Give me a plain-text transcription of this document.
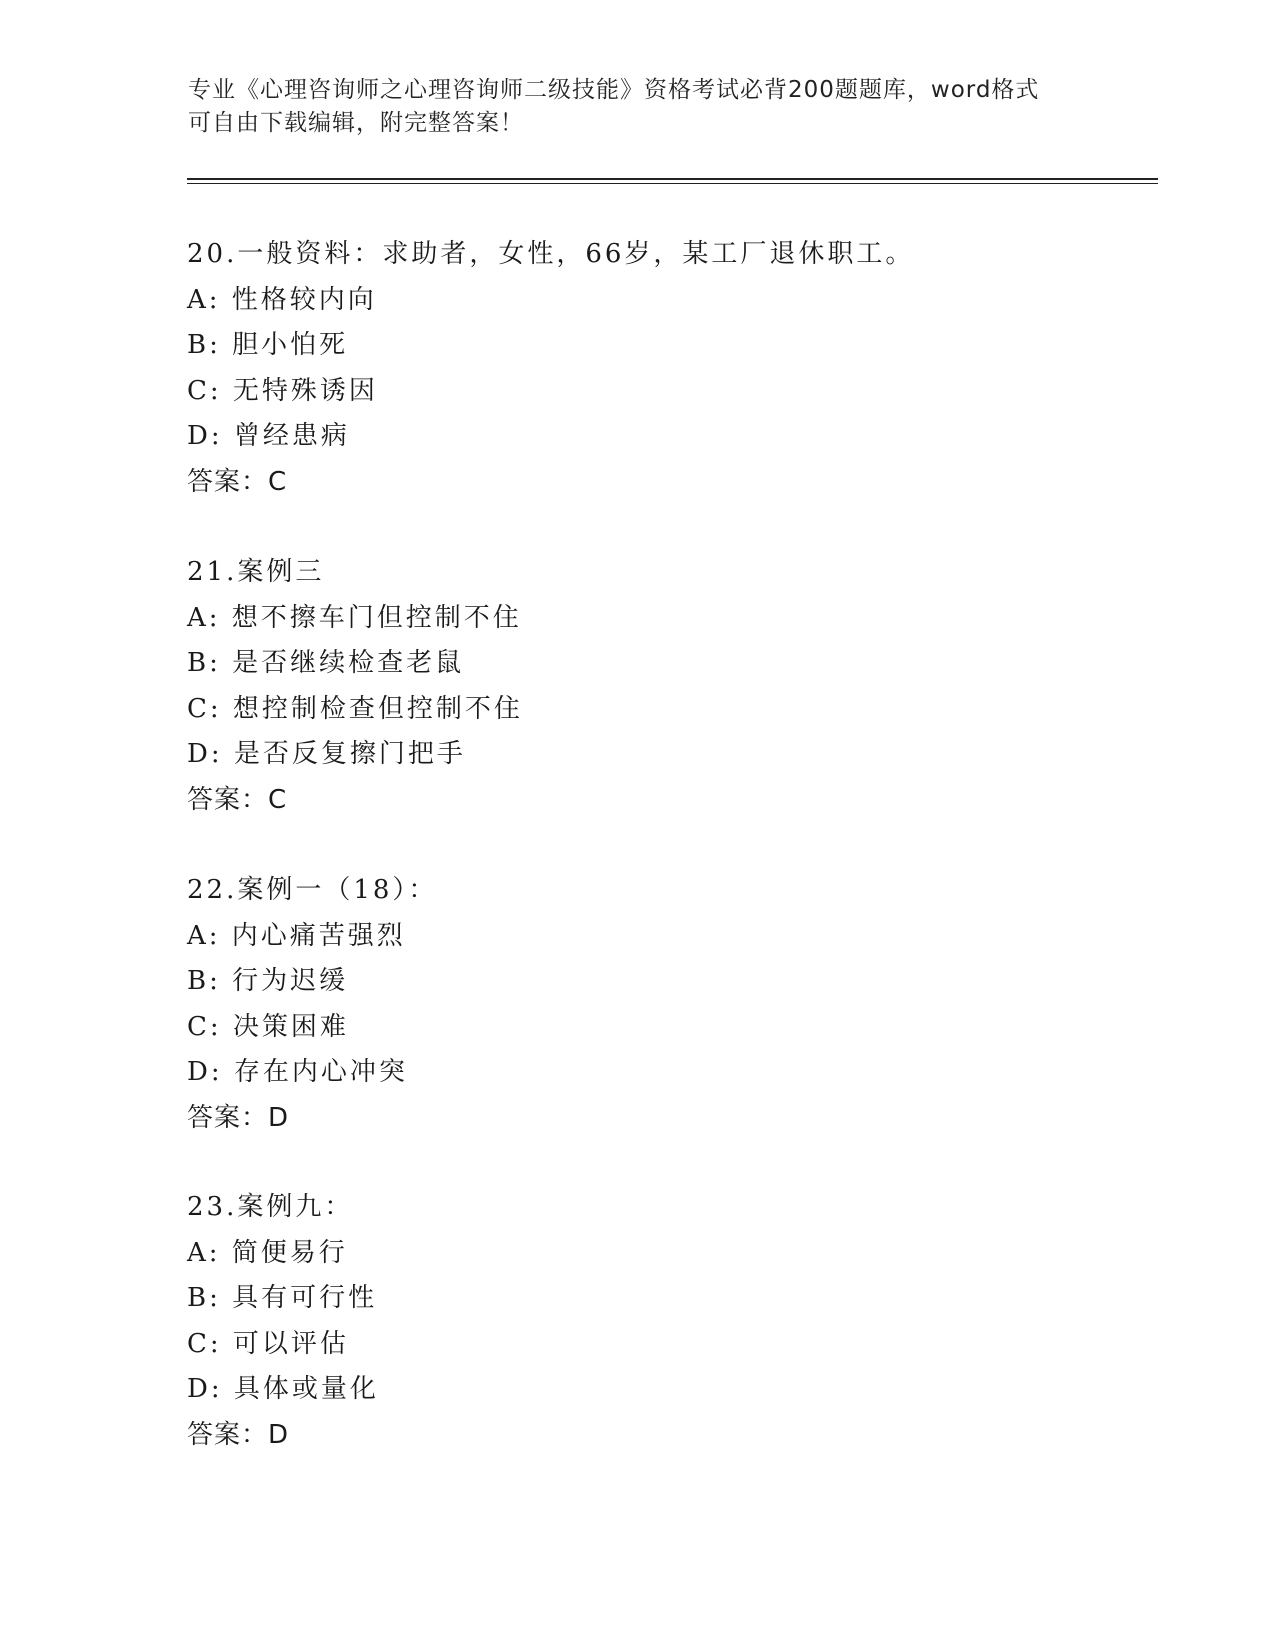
专业《心理咨询师之心理咨询师二级技能》资格考试必背200题题库，word格式
可自由下载编辑，附完整答案！
20.一般资料：求助者，女性，66岁，某工厂退休职工。
A: 性格较内向
B: 胆小怕死
C: 无特殊诱因
D: 曾经患病
答案：C
21.案例三
A: 想不擦车门但控制不住
B: 是否继续检查老鼠
C: 想控制检查但控制不住
D: 是否反复擦门把手
答案：C
22.案例一（18）：
A: 内心痛苦强烈
B: 行为迟缓
C: 决策困难
D: 存在内心冲突
答案：D
23.案例九：
A: 简便易行
B: 具有可行性
C: 可以评估
D: 具体或量化
答案：D
